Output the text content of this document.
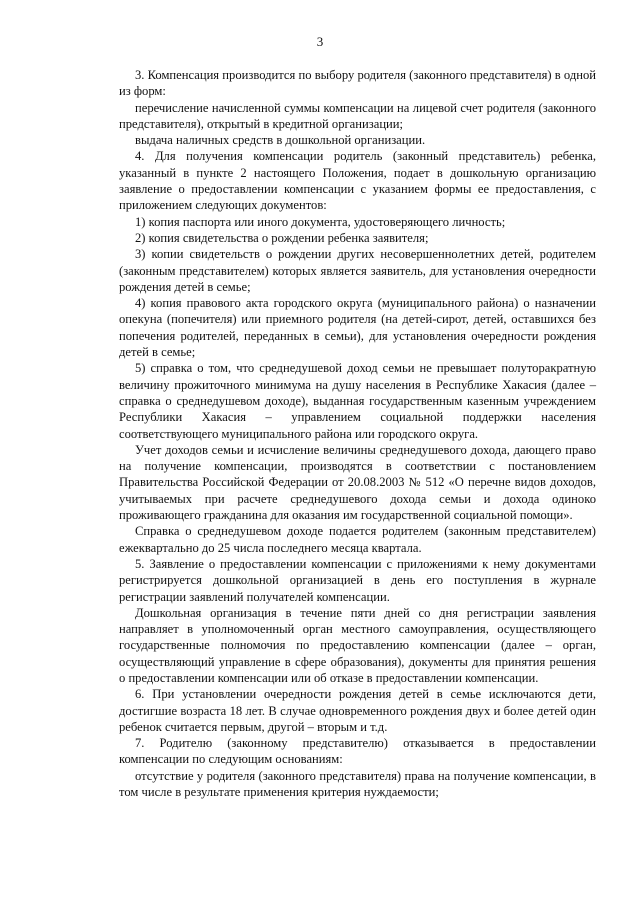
3

3. Компенсация производится по выбору родителя (законного представителя) в одной из форм:

перечисление начисленной суммы компенсации на лицевой счет родителя (законного представителя), открытый в кредитной организации;

выдача наличных средств в дошкольной организации.

4. Для получения компенсации родитель (законный представитель) ребенка, указанный в пункте 2 настоящего Положения, подает в дошкольную организацию заявление о предоставлении компенсации с указанием формы ее предоставления, с приложением следующих документов:

1) копия паспорта или иного документа, удостоверяющего личность;

2) копия свидетельства о рождении ребенка заявителя;

3) копии свидетельств о рождении других несовершеннолетних детей, родителем (законным представителем) которых является заявитель, для установления очередности рождения детей в семье;

4) копия правового акта городского округа (муниципального района) о назначении опекуна (попечителя) или приемного родителя (на детей-сирот, детей, оставшихся без попечения родителей, переданных в семьи), для установления очередности рождения детей в семье;

5) справка о том, что среднедушевой доход семьи не превышает полуторакратную величину прожиточного минимума на душу населения в Республике Хакасия (далее – справка о среднедушевом доходе), выданная государственным казенным учреждением Республики Хакасия – управлением социальной поддержки населения соответствующего муниципального района или городского округа.

Учет доходов семьи и исчисление величины среднедушевого дохода, дающего право на получение компенсации, производятся в соответствии с постановлением Правительства Российской Федерации от 20.08.2003 № 512 «О перечне видов доходов, учитываемых при расчете среднедушевого дохода семьи и дохода одиноко проживающего гражданина для оказания им государственной социальной помощи».

Справка о среднедушевом доходе подается родителем (законным представителем) ежеквартально до 25 числа последнего месяца квартала.

5. Заявление о предоставлении компенсации с приложениями к нему документами регистрируется дошкольной организацией в день его поступления в журнале регистрации заявлений получателей компенсации.

Дошкольная организация в течение пяти дней со дня регистрации заявления направляет в уполномоченный орган местного самоуправления, осуществляющего государственные полномочия по предоставлению компенсации (далее – орган, осуществляющий управление в сфере образования), документы для принятия решения о предоставлении компенсации или об отказе в предоставлении компенсации.

6. При установлении очередности рождения детей в семье исключаются дети, достигшие возраста 18 лет. В случае одновременного рождения двух и более детей один ребенок считается первым, другой – вторым и т.д.

7. Родителю (законному представителю) отказывается в предоставлении компенсации по следующим основаниям:

отсутствие у родителя (законного представителя) права на получение компенсации, в том числе в результате применения критерия нуждаемости;
